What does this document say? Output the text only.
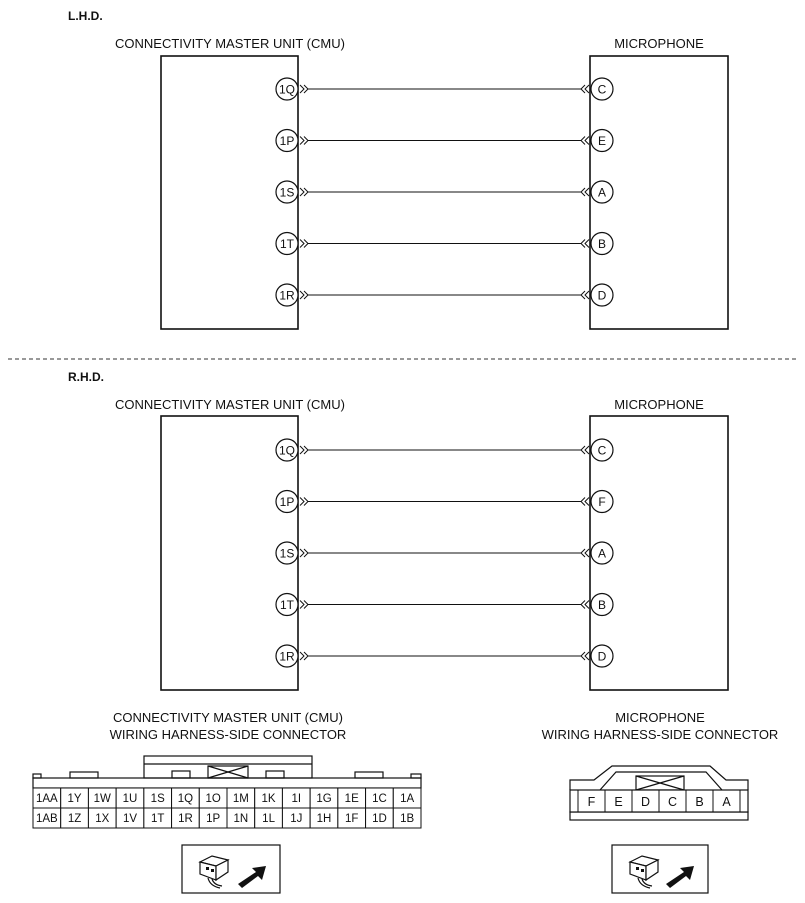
L.H.D.
CONNECTIVITY MASTER UNIT (CMU)	MICROPHONE
1Q	C
1P	E
1S	A
1T	B
1R	D
R.H.D.
CONNECTIVITY MASTER UNIT (CMU)	MICROPHONE
1Q	C
1P	F
1S	A
1T	B
1R	D
CONNECTIVITY MASTER UNIT (CMU)
WIRING HARNESS-SIDE CONNECTOR
1AA 1Y 1W 1U 1S 1Q 1O 1M 1K 1I 1G 1E 1C 1A
1AB 1Z 1X 1V 1T 1R 1P 1N 1L 1J 1H 1F 1D 1B
MICROPHONE
WIRING HARNESS-SIDE CONNECTOR
F E D C B A
